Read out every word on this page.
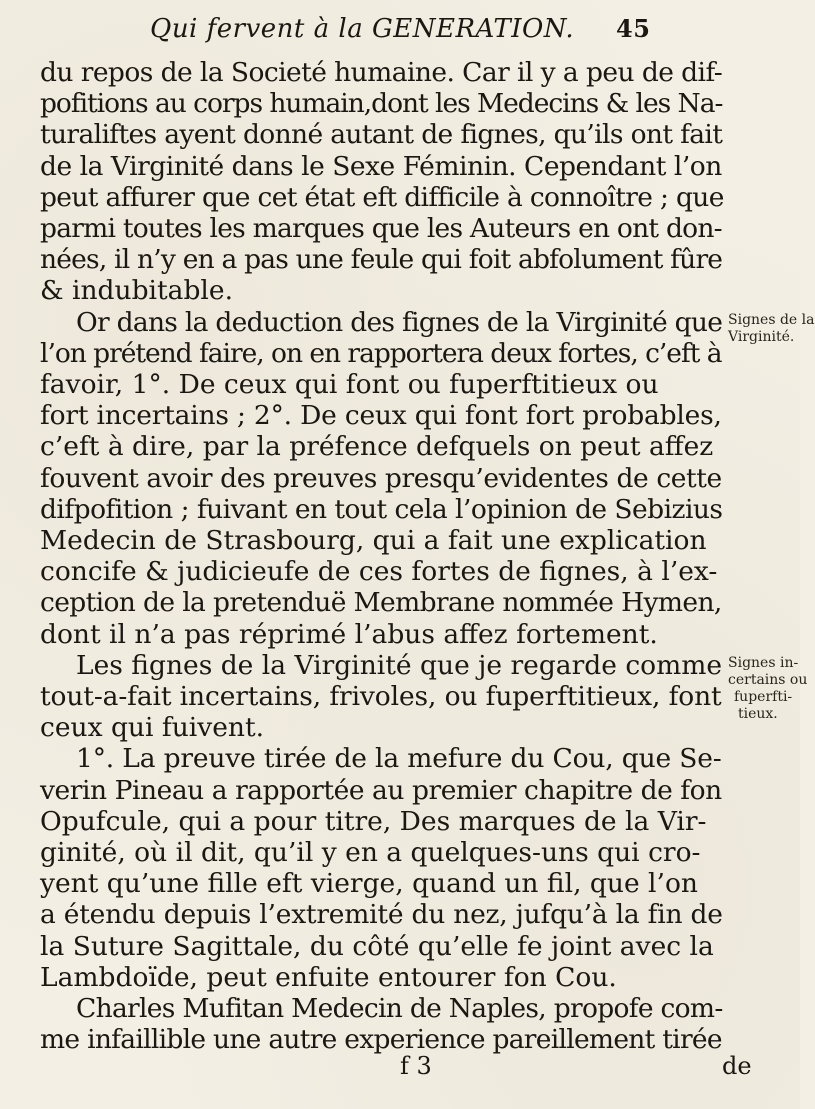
Qui fervent à la GENERATION. 45
du repos de la Societé humaine. Car il y a peu de dif-
pofitions au corps humain,dont les Medecins & les Na-
turaliftes ayent donné autant de fignes, qu’ils ont fait
de la Virginité dans le Sexe Féminin. Cependant l’on
peut affurer que cet état eft difficile à connoître ; que
parmi toutes les marques que les Auteurs en ont don-
nées, il n’y en a pas une feule qui foit abfolument fûre
& indubitable.
Or dans la deduction des fignes de la Virginité que
l’on prétend faire, on en rapportera deux fortes, c’eft à
favoir, 1°. De ceux qui font ou fuperftitieux ou
fort incertains ; 2°. De ceux qui font fort probables,
c’eft à dire, par la préfence defquels on peut affez
fouvent avoir des preuves presqu’evidentes de cette
difpofition ; fuivant en tout cela l’opinion de Sebizius
Medecin de Strasbourg, qui a fait une explication
concife & judicieufe de ces fortes de fignes, à l’ex-
ception de la pretenduë Membrane nommée Hymen,
dont il n’a pas réprimé l’abus affez fortement.
Les fignes de la Virginité que je regarde comme
tout-a-fait incertains, frivoles, ou fuperftitieux, font
ceux qui fuivent.
1°. La preuve tirée de la mefure du Cou, que Se-
verin Pineau a rapportée au premier chapitre de fon
Opufcule, qui a pour titre, Des marques de la Vir-
ginité, où il dit, qu’il y en a quelques-uns qui cro-
yent qu’une fille eft vierge, quand un fil, que l’on
a étendu depuis l’extremité du nez, jufqu’à la fin de
la Suture Sagittale, du côté qu’elle fe joint avec la
Lambdoïde, peut enfuite entourer fon Cou.
Charles Mufitan Medecin de Naples, propofe com-
me infaillible une autre experience pareillement tirée
Signes de la
Virginité.
Signes in-
certains ou
fuperfti-
tieux.
f 3	de
